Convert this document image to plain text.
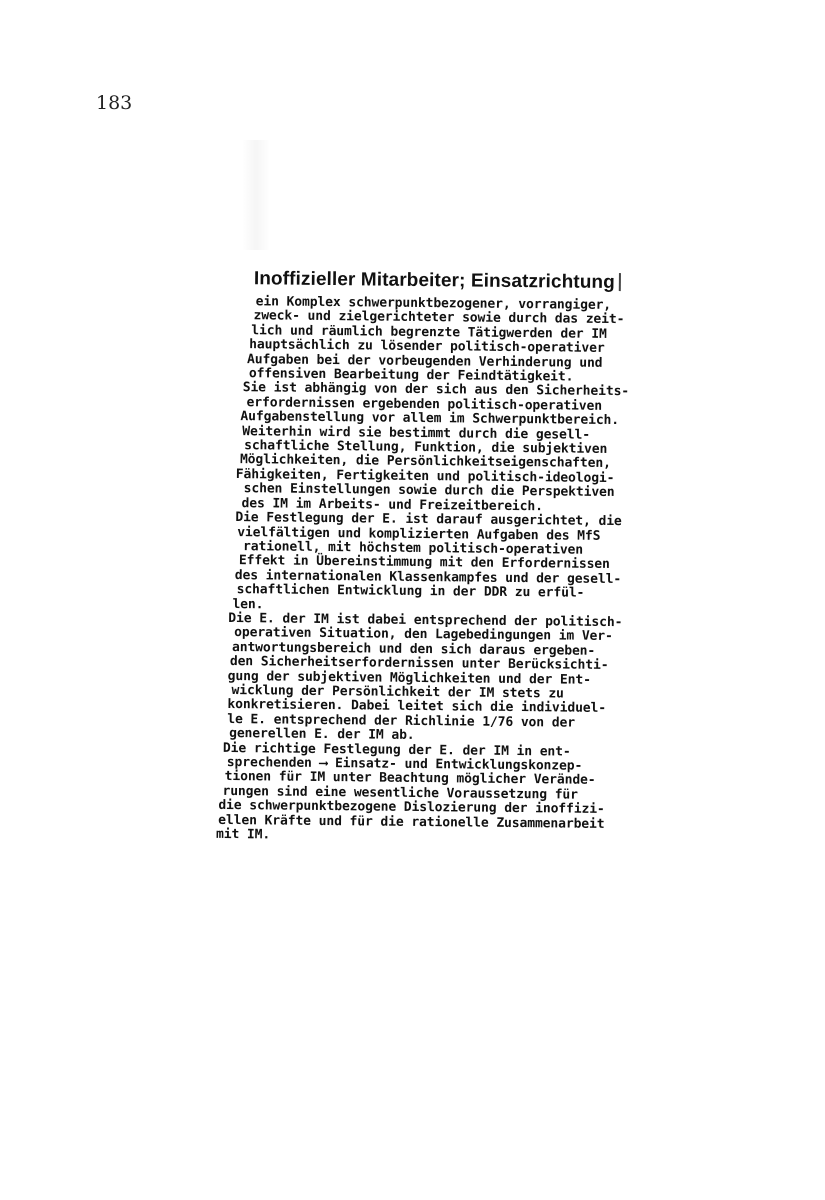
183
Inoffizieller Mitarbeiter; Einsatzrichtung
ein Komplex schwerpunktbezogener, vorrangiger,
zweck- und zielgerichteter sowie durch das zeit-
lich und räumlich begrenzte Tätigwerden der IM
hauptsächlich zu lösender politisch-operativer
Aufgaben bei der vorbeugenden Verhinderung und
offensiven Bearbeitung der Feindtätigkeit.
Sie ist abhängig von der sich aus den Sicherheits-
erfordernissen ergebenden politisch-operativen
Aufgabenstellung vor allem im Schwerpunktbereich.
Weiterhin wird sie bestimmt durch die gesell-
schaftliche Stellung, Funktion, die subjektiven
Möglichkeiten, die Persönlichkeitseigenschaften,
Fähigkeiten, Fertigkeiten und politisch-ideologi-
schen Einstellungen sowie durch die Perspektiven
des IM im Arbeits- und Freizeitbereich.
Die Festlegung der E. ist darauf ausgerichtet, die
vielfältigen und komplizierten Aufgaben des MfS
rationell, mit höchstem politisch-operativen
Effekt in Übereinstimmung mit den Erfordernissen
des internationalen Klassenkampfes und der gesell-
schaftlichen Entwicklung in der DDR zu erfül-
len.
Die E. der IM ist dabei entsprechend der politisch-
operativen Situation, den Lagebedingungen im Ver-
antwortungsbereich und den sich daraus ergeben-
den Sicherheitserfordernissen unter Berücksichti-
gung der subjektiven Möglichkeiten und der Ent-
wicklung der Persönlichkeit der IM stets zu
konkretisieren. Dabei leitet sich die individuel-
le E. entsprechend der Richlinie 1/76 von der
generellen E. der IM ab.
Die richtige Festlegung der E. der IM in ent-
sprechenden ⟶ Einsatz- und Entwicklungskonzep-
tionen für IM unter Beachtung möglicher Verände-
rungen sind eine wesentliche Voraussetzung für
die schwerpunktbezogene Dislozierung der inoffizi-
ellen Kräfte und für die rationelle Zusammenarbeit
mit IM.
